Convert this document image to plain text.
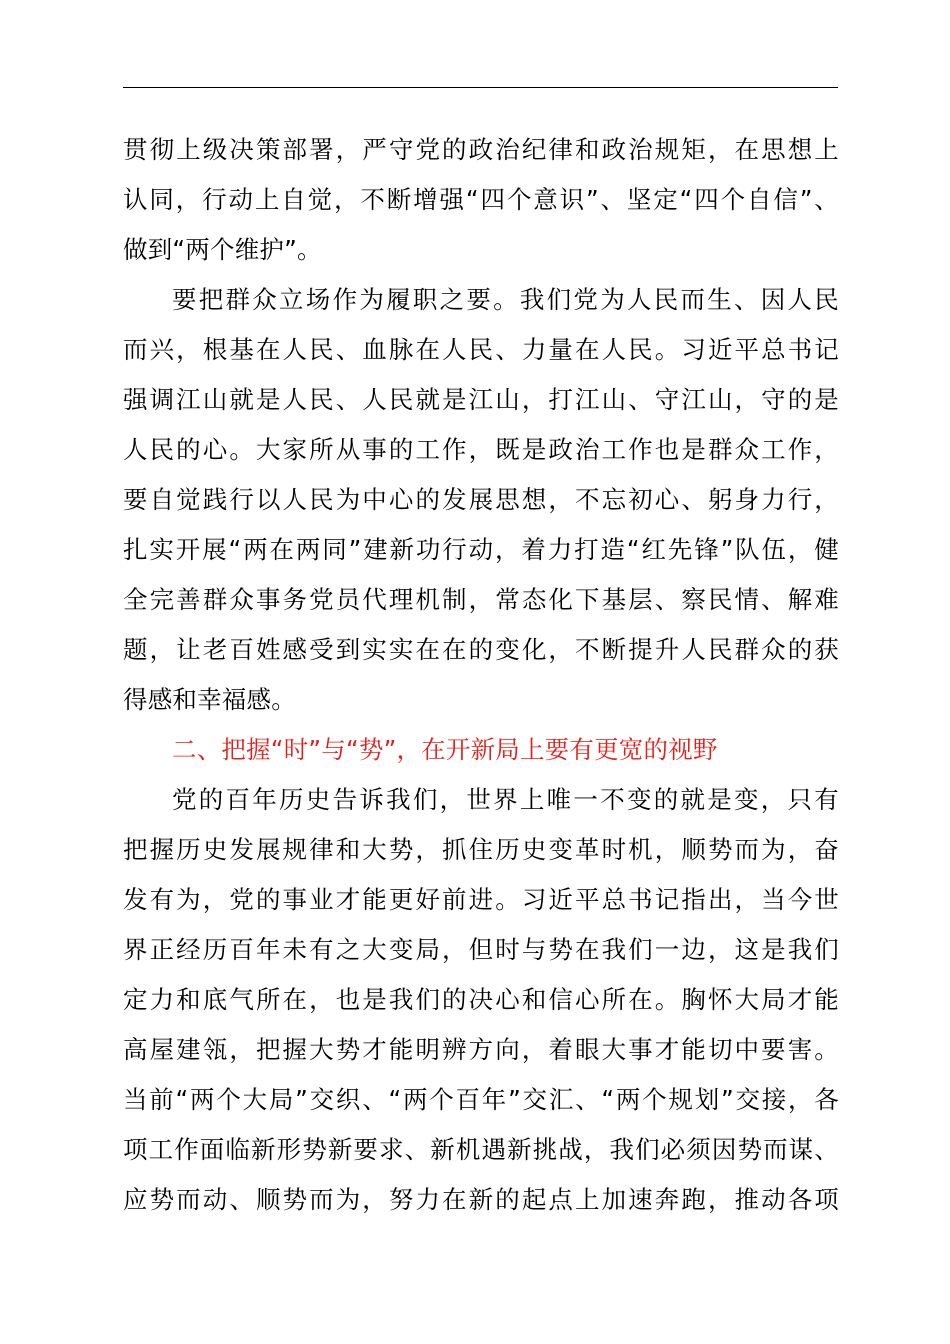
贯彻上级决策部署，严守党的政治纪律和政治规矩，在思想上
认同，行动上自觉，不断增强“四个意识”、坚定“四个自信”、
做到“两个维护”。
要把群众立场作为履职之要。我们党为人民而生、因人民
而兴，根基在人民、血脉在人民、力量在人民。习近平总书记
强调江山就是人民、人民就是江山，打江山、守江山，守的是
人民的心。大家所从事的工作，既是政治工作也是群众工作，
要自觉践行以人民为中心的发展思想，不忘初心、躬身力行，
扎实开展“两在两同”建新功行动，着力打造“红先锋”队伍，健
全完善群众事务党员代理机制，常态化下基层、察民情、解难
题，让老百姓感受到实实在在的变化，不断提升人民群众的获
得感和幸福感。
二、把握“时”与“势”，在开新局上要有更宽的视野
党的百年历史告诉我们，世界上唯一不变的就是变，只有
把握历史发展规律和大势，抓住历史变革时机，顺势而为，奋
发有为，党的事业才能更好前进。习近平总书记指出，当今世
界正经历百年未有之大变局，但时与势在我们一边，这是我们
定力和底气所在，也是我们的决心和信心所在。胸怀大局才能
高屋建瓴，把握大势才能明辨方向，着眼大事才能切中要害。
当前“两个大局”交织、“两个百年”交汇、“两个规划”交接，各
项工作面临新形势新要求、新机遇新挑战，我们必须因势而谋、
应势而动、顺势而为，努力在新的起点上加速奔跑，推动各项
